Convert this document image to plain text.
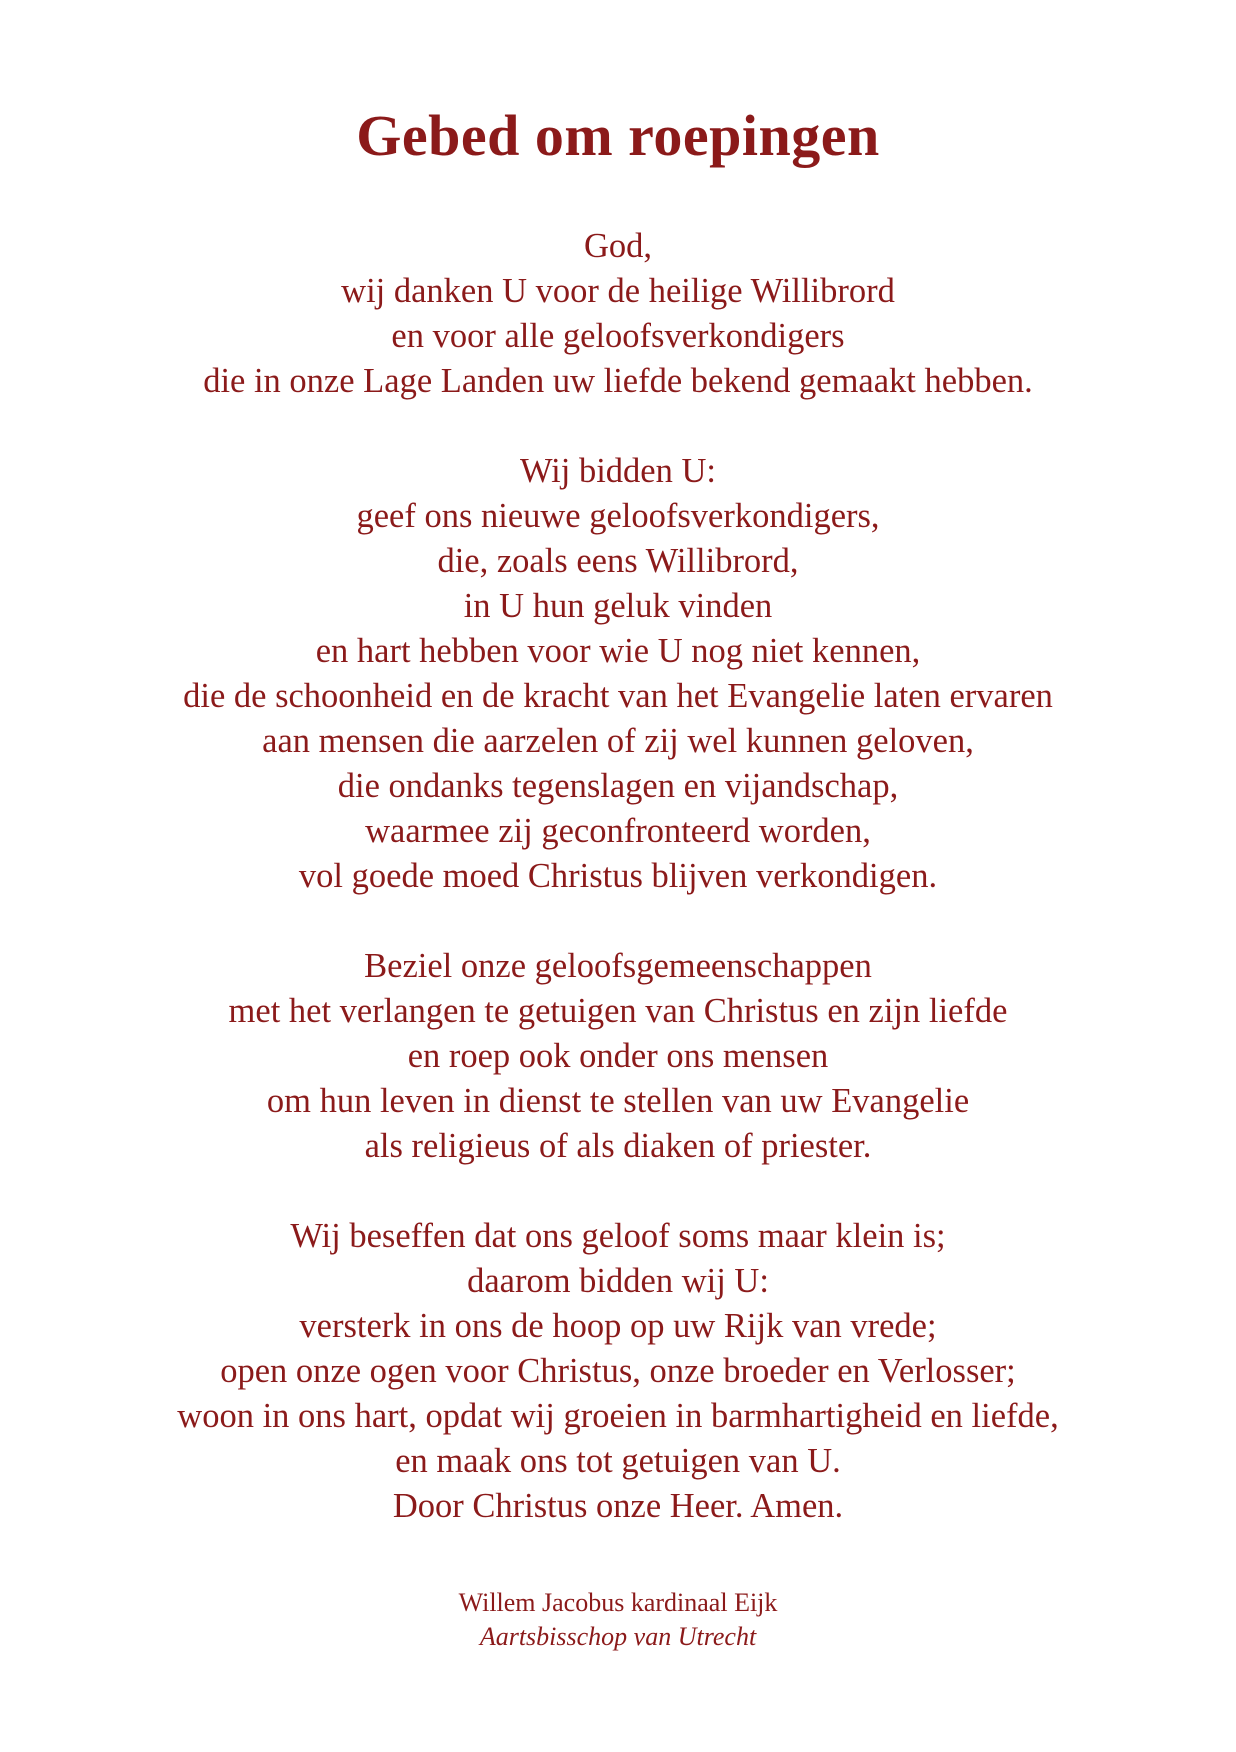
Gebed om roepingen
God,
wij danken U voor de heilige Willibrord
en voor alle geloofsverkondigers
die in onze Lage Landen uw liefde bekend gemaakt hebben.
Wij bidden U:
geef ons nieuwe geloofsverkondigers,
die, zoals eens Willibrord,
in U hun geluk vinden
en hart hebben voor wie U nog niet kennen,
die de schoonheid en de kracht van het Evangelie laten ervaren
aan mensen die aarzelen of zij wel kunnen geloven,
die ondanks tegenslagen en vijandschap,
waarmee zij geconfronteerd worden,
vol goede moed Christus blijven verkondigen.
Beziel onze geloofsgemeenschappen
met het verlangen te getuigen van Christus en zijn liefde
en roep ook onder ons mensen
om hun leven in dienst te stellen van uw Evangelie
als religieus of als diaken of priester.
Wij beseffen dat ons geloof soms maar klein is;
daarom bidden wij U:
versterk in ons de hoop op uw Rijk van vrede;
open onze ogen voor Christus, onze broeder en Verlosser;
woon in ons hart, opdat wij groeien in barmhartigheid en liefde,
en maak ons tot getuigen van U.
Door Christus onze Heer. Amen.
Willem Jacobus kardinaal Eijk
Aartsbisschop van Utrecht
